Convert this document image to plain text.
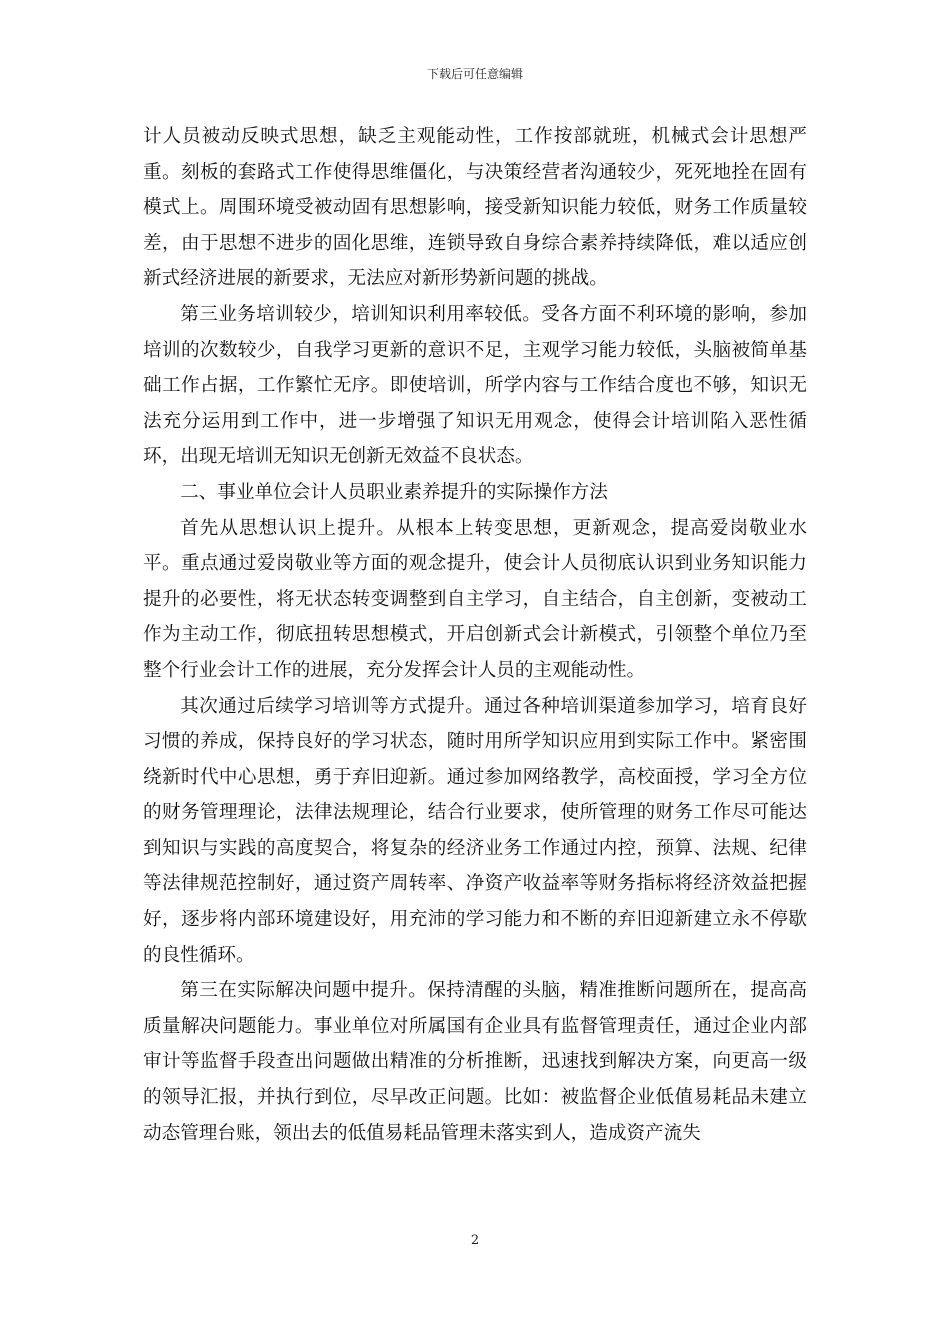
下载后可任意编辑

计人员被动反映式思想，缺乏主观能动性，工作按部就班，机械式会计思想严重。刻板的套路式工作使得思维僵化，与决策经营者沟通较少，死死地拴在固有模式上。周围环境受被动固有思想影响，接受新知识能力较低，财务工作质量较差，由于思想不进步的固化思维，连锁导致自身综合素养持续降低，难以适应创新式经济进展的新要求，无法应对新形势新问题的挑战。

第三业务培训较少，培训知识利用率较低。受各方面不利环境的影响，参加培训的次数较少，自我学习更新的意识不足，主观学习能力较低，头脑被简单基础工作占据，工作繁忙无序。即使培训，所学内容与工作结合度也不够，知识无法充分运用到工作中，进一步增强了知识无用观念，使得会计培训陷入恶性循环，出现无培训无知识无创新无效益不良状态。

二、事业单位会计人员职业素养提升的实际操作方法

首先从思想认识上提升。从根本上转变思想，更新观念，提高爱岗敬业水平。重点通过爱岗敬业等方面的观念提升，使会计人员彻底认识到业务知识能力提升的必要性，将无状态转变调整到自主学习，自主结合，自主创新，变被动工作为主动工作，彻底扭转思想模式，开启创新式会计新模式，引领整个单位乃至整个行业会计工作的进展，充分发挥会计人员的主观能动性。

其次通过后续学习培训等方式提升。通过各种培训渠道参加学习，培育良好习惯的养成，保持良好的学习状态，随时用所学知识应用到实际工作中。紧密围绕新时代中心思想，勇于弃旧迎新。通过参加网络教学，高校面授，学习全方位的财务管理理论，法律法规理论，结合行业要求，使所管理的财务工作尽可能达到知识与实践的高度契合，将复杂的经济业务工作通过内控，预算、法规、纪律等法律规范控制好，通过资产周转率、净资产收益率等财务指标将经济效益把握好，逐步将内部环境建设好，用充沛的学习能力和不断的弃旧迎新建立永不停歇的良性循环。

第三在实际解决问题中提升。保持清醒的头脑，精准推断问题所在，提高高质量解决问题能力。事业单位对所属国有企业具有监督管理责任，通过企业内部审计等监督手段查出问题做出精准的分析推断，迅速找到解决方案，向更高一级的领导汇报，并执行到位，尽早改正问题。比如：被监督企业低值易耗品未建立动态管理台账，领出去的低值易耗品管理未落实到人，造成资产流失

2
